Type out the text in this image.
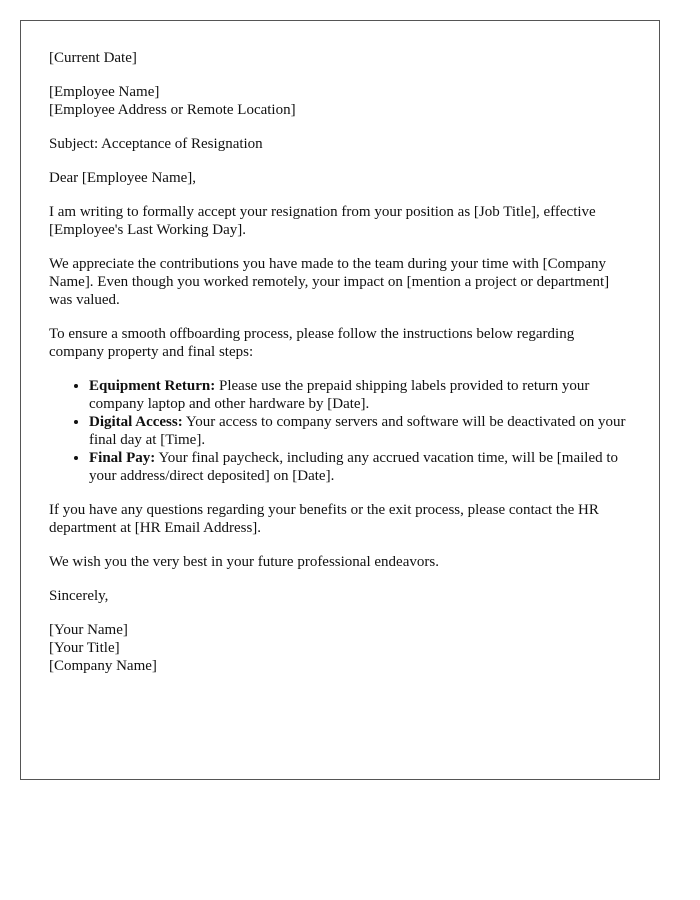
[Current Date]

[Employee Name]
[Employee Address or Remote Location]

Subject: Acceptance of Resignation

Dear [Employee Name],

I am writing to formally accept your resignation from your position as [Job Title], effective [Employee's Last Working Day].

We appreciate the contributions you have made to the team during your time with [Company Name]. Even though you worked remotely, your impact on [mention a project or department] was valued.

To ensure a smooth offboarding process, please follow the instructions below regarding company property and final steps:

• Equipment Return: Please use the prepaid shipping labels provided to return your company laptop and other hardware by [Date].
• Digital Access: Your access to company servers and software will be deactivated on your final day at [Time].
• Final Pay: Your final paycheck, including any accrued vacation time, will be [mailed to your address/direct deposited] on [Date].

If you have any questions regarding your benefits or the exit process, please contact the HR department at [HR Email Address].

We wish you the very best in your future professional endeavors.

Sincerely,

[Your Name]
[Your Title]
[Company Name]
